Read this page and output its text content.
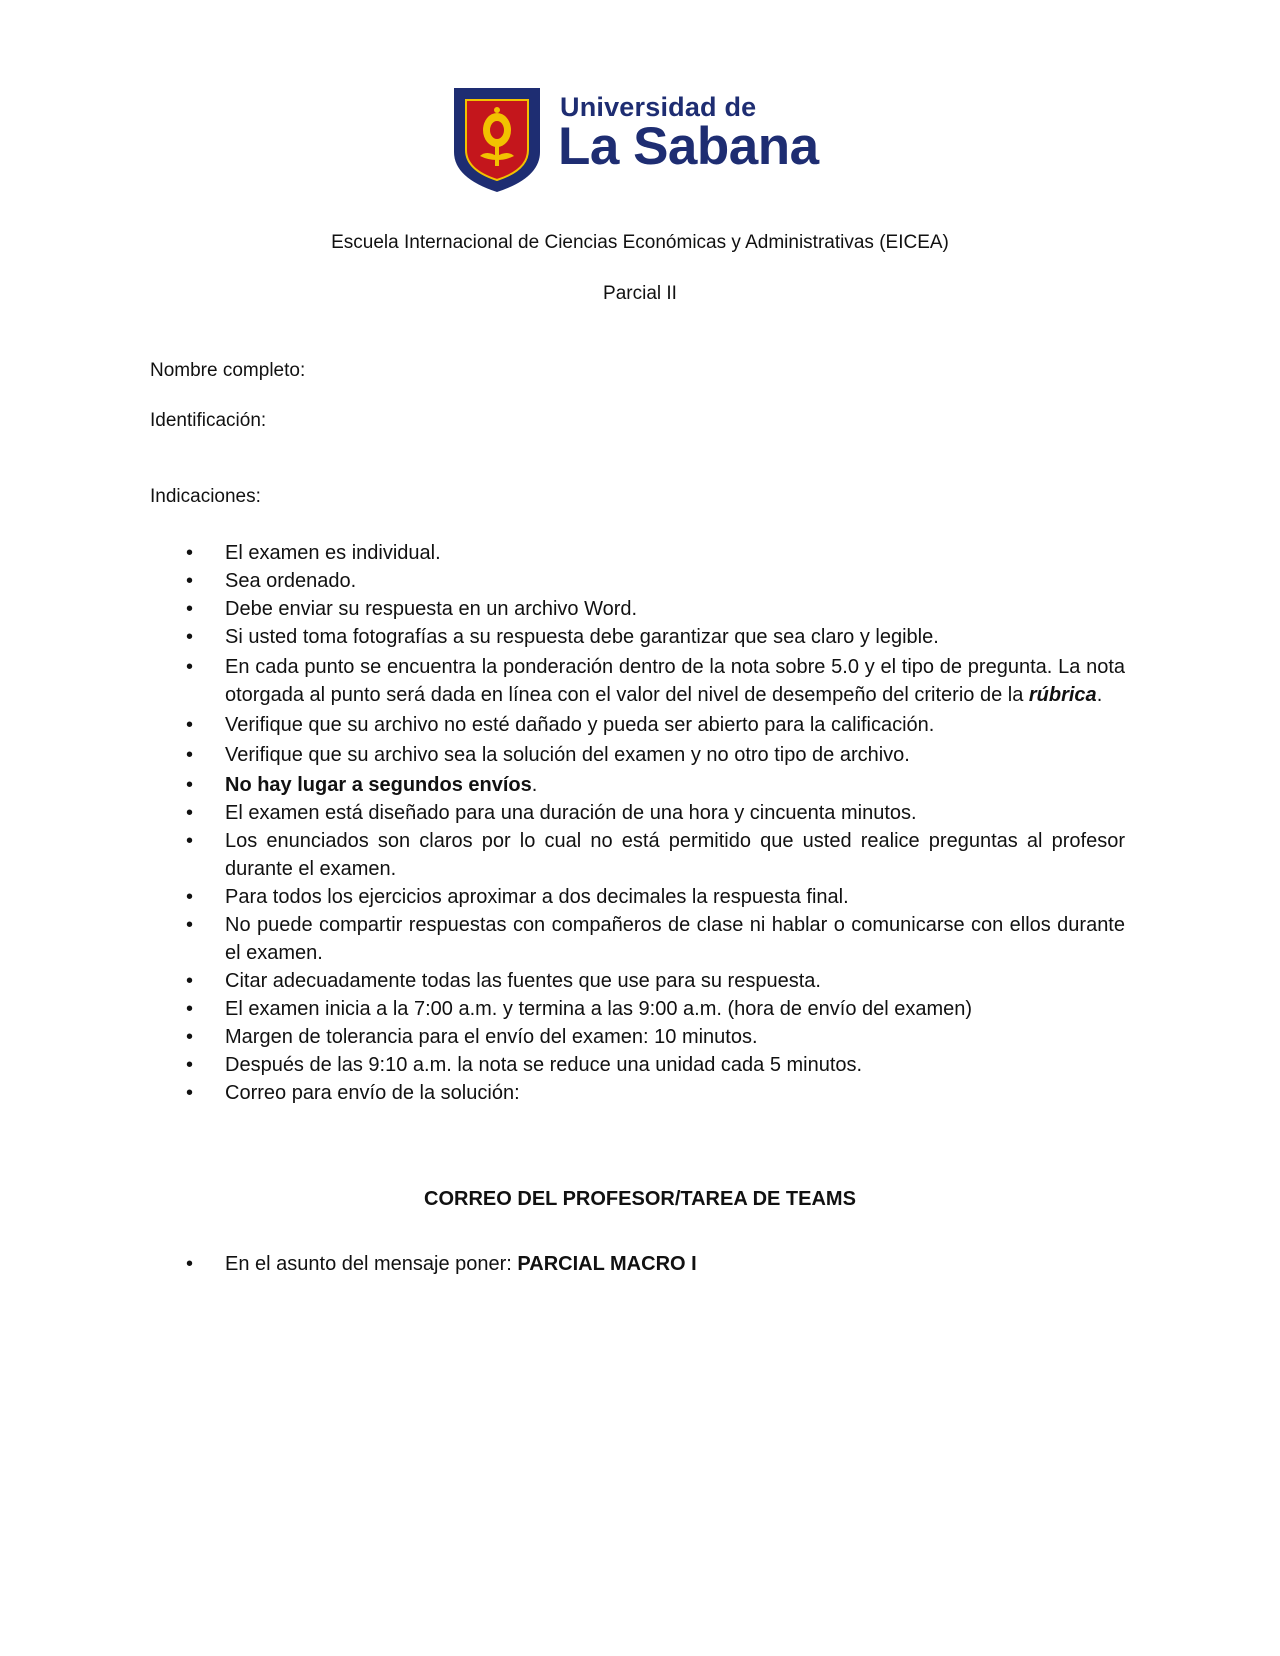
Universidad de
La Sabana
Escuela Internacional de Ciencias Económicas y Administrativas (EICEA)
Parcial II
Nombre completo:
Identificación:
Indicaciones:
• El examen es individual.
• Sea ordenado.
• Debe enviar su respuesta en un archivo Word.
• Si usted toma fotografías a su respuesta debe garantizar que sea claro y legible.
• En cada punto se encuentra la ponderación dentro de la nota sobre 5.0 y el tipo de pregunta. La nota otorgada al punto será dada en línea con el valor del nivel de desempeño del criterio de la rúbrica.
• Verifique que su archivo no esté dañado y pueda ser abierto para la calificación.
• Verifique que su archivo sea la solución del examen y no otro tipo de archivo.
• No hay lugar a segundos envíos.
• El examen está diseñado para una duración de una hora y cincuenta minutos.
• Los enunciados son claros por lo cual no está permitido que usted realice preguntas al profesor durante el examen.
• Para todos los ejercicios aproximar a dos decimales la respuesta final.
• No puede compartir respuestas con compañeros de clase ni hablar o comunicarse con ellos durante el examen.
• Citar adecuadamente todas las fuentes que use para su respuesta.
• El examen inicia a la 7:00 a.m. y termina a las 9:00 a.m. (hora de envío del examen)
• Margen de tolerancia para el envío del examen: 10 minutos.
• Después de las 9:10 a.m. la nota se reduce una unidad cada 5 minutos.
• Correo para envío de la solución:
CORREO DEL PROFESOR/TAREA DE TEAMS
• En el asunto del mensaje poner: PARCIAL MACRO I
